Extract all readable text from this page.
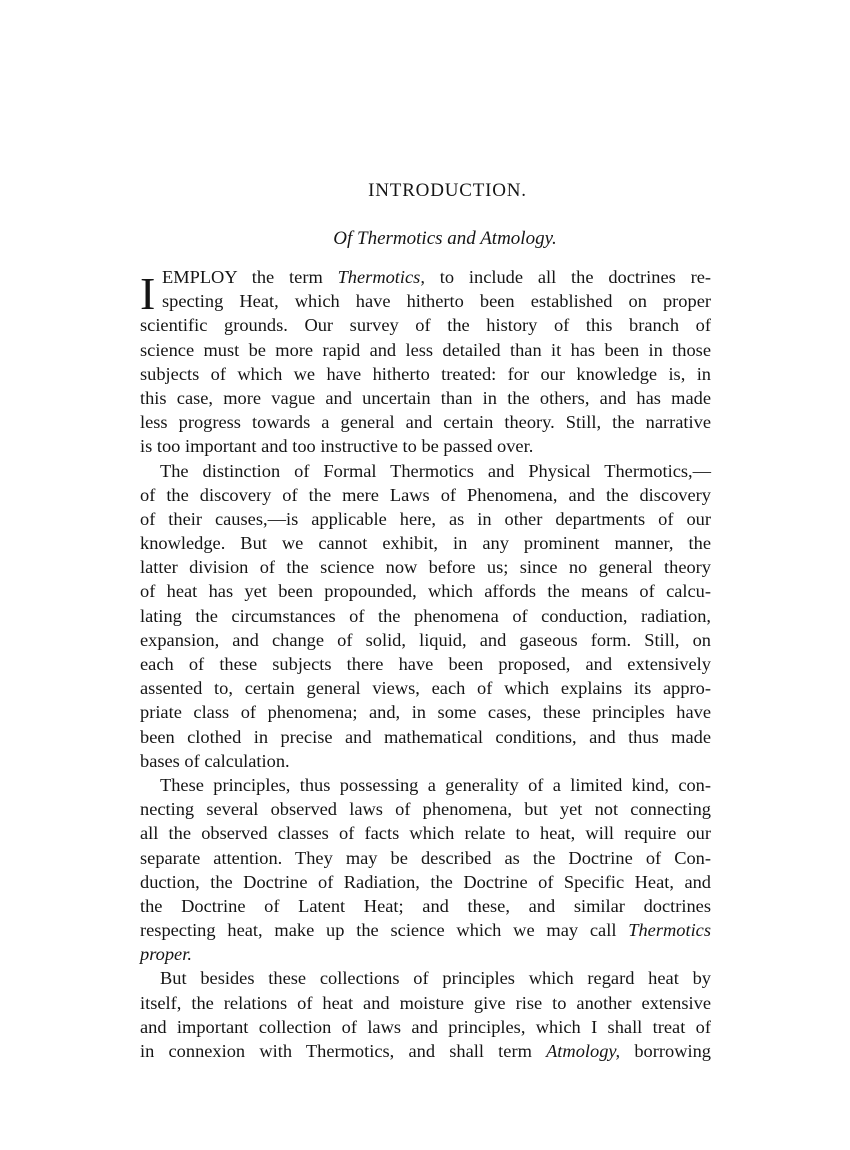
INTRODUCTION.
Of Thermotics and Atmology.
I EMPLOY the term Thermotics, to include all the doctrines re-
specting Heat, which have hitherto been established on proper
scientific grounds. Our survey of the history of this branch of
science must be more rapid and less detailed than it has been in those
subjects of which we have hitherto treated: for our knowledge is, in
this case, more vague and uncertain than in the others, and has made
less progress towards a general and certain theory. Still, the narrative
is too important and too instructive to be passed over.
The distinction of Formal Thermotics and Physical Thermotics,—
of the discovery of the mere Laws of Phenomena, and the discovery
of their causes,—is applicable here, as in other departments of our
knowledge. But we cannot exhibit, in any prominent manner, the
latter division of the science now before us; since no general theory
of heat has yet been propounded, which affords the means of calcu-
lating the circumstances of the phenomena of conduction, radiation,
expansion, and change of solid, liquid, and gaseous form. Still, on
each of these subjects there have been proposed, and extensively
assented to, certain general views, each of which explains its appro-
priate class of phenomena; and, in some cases, these principles have
been clothed in precise and mathematical conditions, and thus made
bases of calculation.
These principles, thus possessing a generality of a limited kind, con-
necting several observed laws of phenomena, but yet not connecting
all the observed classes of facts which relate to heat, will require our
separate attention. They may be described as the Doctrine of Con-
duction, the Doctrine of Radiation, the Doctrine of Specific Heat, and
the Doctrine of Latent Heat; and these, and similar doctrines
respecting heat, make up the science which we may call Thermotics
proper.
But besides these collections of principles which regard heat by
itself, the relations of heat and moisture give rise to another extensive
and important collection of laws and principles, which I shall treat of
in connexion with Thermotics, and shall term Atmology, borrowing
